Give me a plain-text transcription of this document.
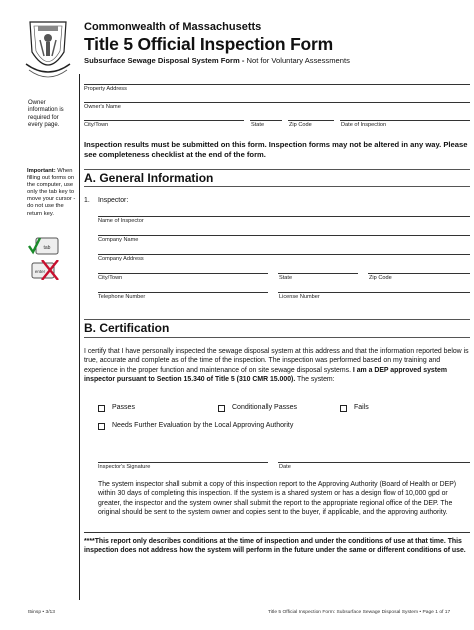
Commonwealth of Massachusetts
Title 5 Official Inspection Form
Subsurface Sewage Disposal System Form - Not for Voluntary Assessments
Property Address
Owner's Name
City/Town	State	Zip Code	Date of Inspection
Owner information is required for every page.
Important: When filling out forms on the computer, use only the tab key to move your cursor - do not use the return key.
tab
enter
Inspection results must be submitted on this form. Inspection forms may not be altered in any way. Please see completeness checklist at the end of the form.
A. General Information
1. Inspector:
Name of Inspector
Company Name
Company Address
City/Town	State	Zip Code
Telephone Number	License Number
B. Certification
I certify that I have personally inspected the sewage disposal system at this address and that the information reported below is true, accurate and complete as of the time of the inspection. The inspection was performed based on my training and experience in the proper function and maintenance of on site sewage disposal systems. I am a DEP approved system inspector pursuant to Section 15.340 of Title 5 (310 CMR 15.000). The system:
Passes	Conditionally Passes	Fails
Needs Further Evaluation by the Local Approving Authority
Inspector's Signature	Date
The system inspector shall submit a copy of this inspection report to the Approving Authority (Board of Health or DEP) within 30 days of completing this inspection. If the system is a shared system or has a design flow of 10,000 gpd or greater, the inspector and the system owner shall submit the report to the appropriate regional office of the DEP. The original should be sent to the system owner and copies sent to the buyer, if applicable, and the approving authority.
****This report only describes conditions at the time of inspection and under the conditions of use at that time. This inspection does not address how the system will perform in the future under the same or different conditions of use.
t5insp • 3/13	Title 5 Official Inspection Form: Subsurface Sewage Disposal System • Page 1 of 17
